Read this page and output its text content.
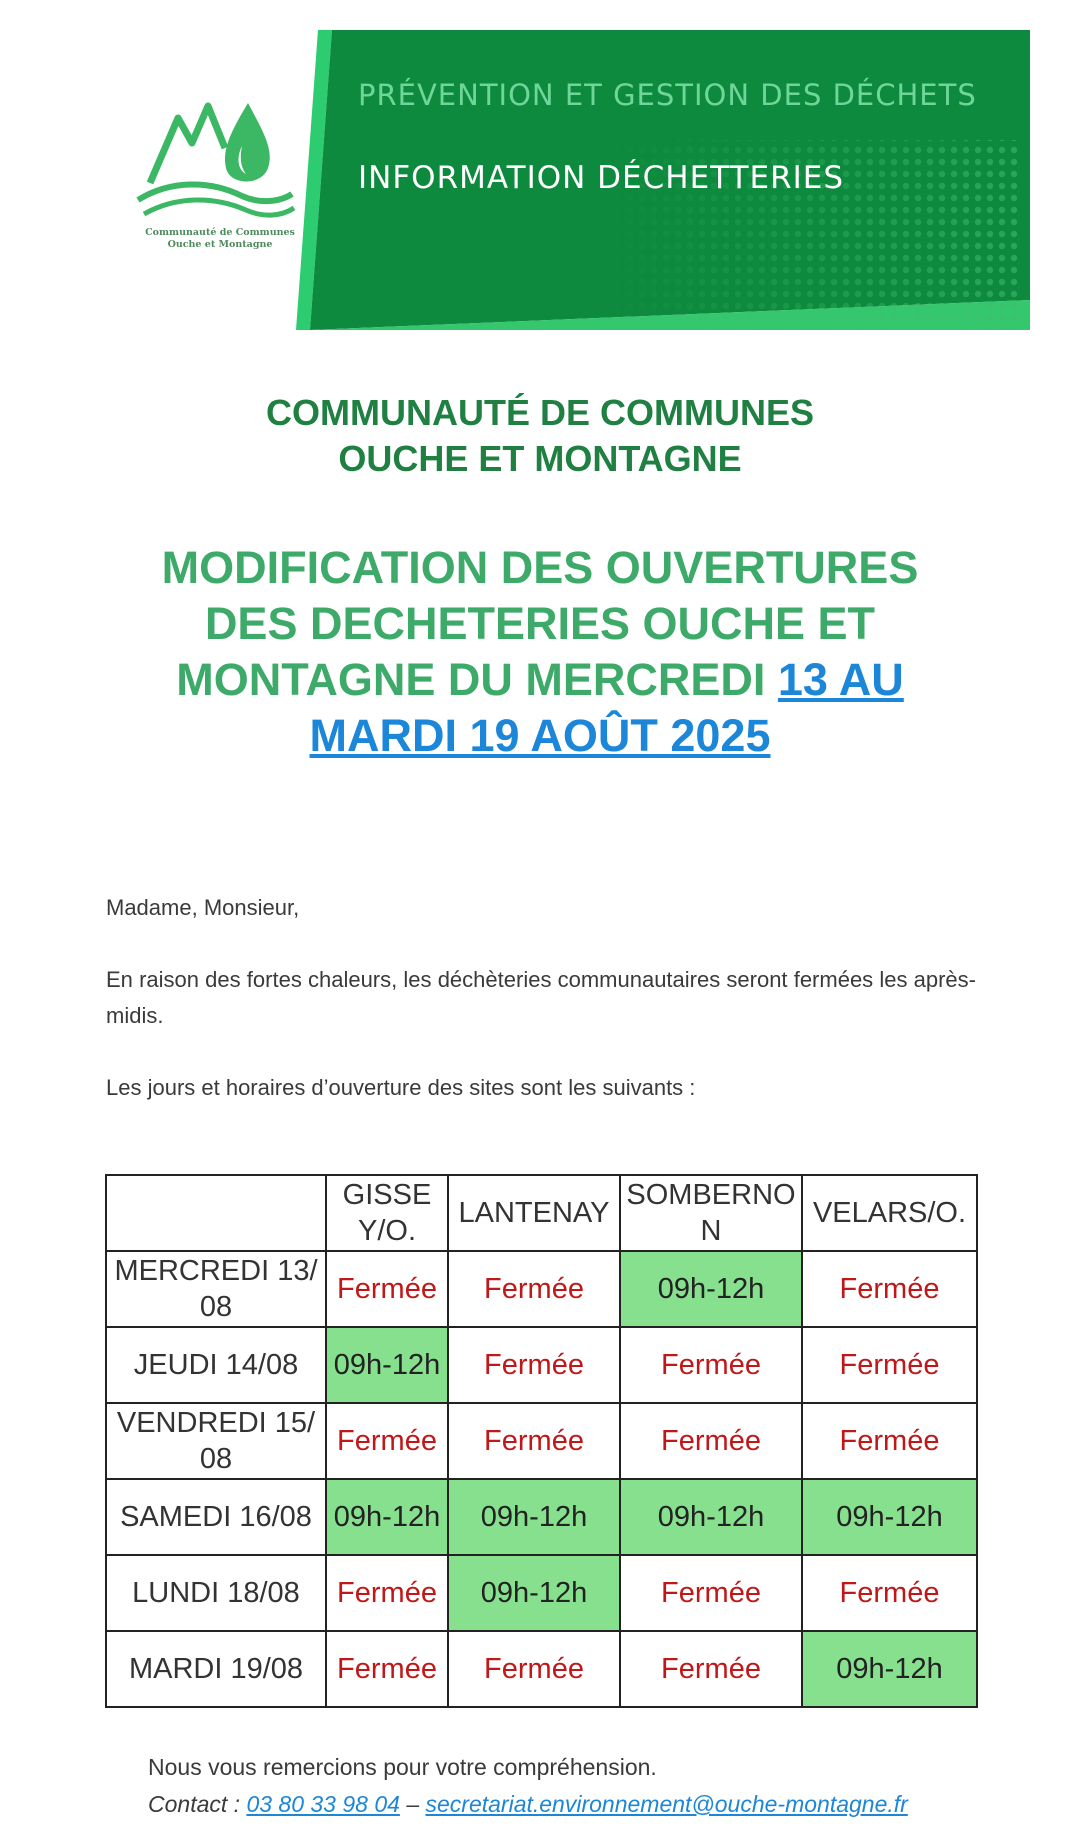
Communauté de Communes
Ouche et Montagne
PRÉVENTION ET GESTION DES DÉCHETS
INFORMATION DÉCHETTERIES
COMMUNAUTÉ DE COMMUNES
OUCHE ET MONTAGNE
MODIFICATION DES OUVERTURES DES DECHETERIES OUCHE ET MONTAGNE DU MERCREDI 13 AU MARDI 19 AOÛT 2025
Madame, Monsieur,
En raison des fortes chaleurs, les déchèteries communautaires seront fermées les après-midis.
Les jours et horaires d’ouverture des sites sont les suivants :
	GISSEY/O.	LANTENAY	SOMBERNON	VELARS/O.
MERCREDI 13/08	Fermée	Fermée	09h-12h	Fermée
JEUDI 14/08	09h-12h	Fermée	Fermée	Fermée
VENDREDI 15/08	Fermée	Fermée	Fermée	Fermée
SAMEDI 16/08	09h-12h	09h-12h	09h-12h	09h-12h
LUNDI 18/08	Fermée	09h-12h	Fermée	Fermée
MARDI 19/08	Fermée	Fermée	Fermée	09h-12h
Nous vous remercions pour votre compréhension.
Contact : 03 80 33 98 04 – secretariat.environnement@ouche-montagne.fr
